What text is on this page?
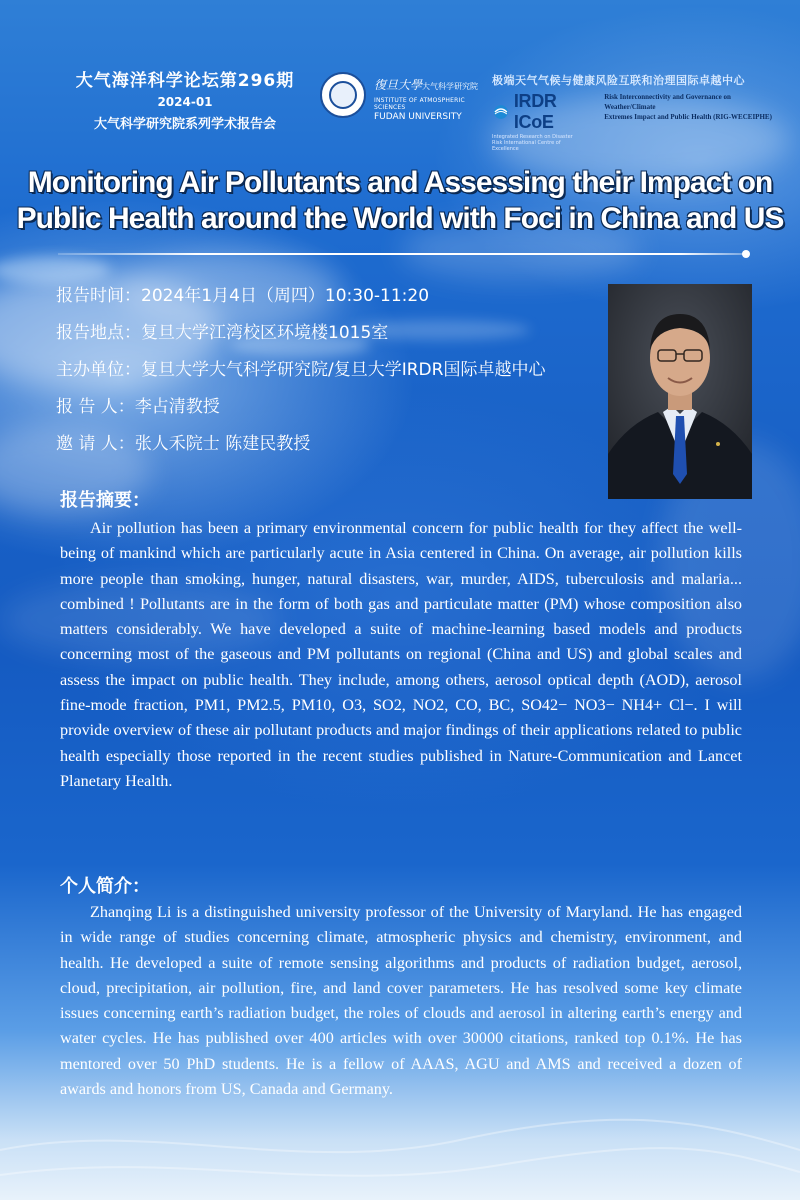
大气海洋科学论坛第296期
2024-01
大气科学研究院系列学术报告会
復旦大學大气科学研究院
INSTITUTE OF ATMOSPHERIC SCIENCES
FUDAN UNIVERSITY
极端天气气候与健康风险互联和治理国际卓越中心
IRDR ICoE
Integrated Research on Disaster Risk International Centre of Excellence
Risk Interconnectivity and Governance on Weather/Climate
Extremes Impact and Public Health (RIG-WECEIPHE)
Monitoring Air Pollutants and Assessing their Impact on
Public Health around the World with Foci in China and US
报告时间：2024年1月4日（周四）10:30-11:20
报告地点：复旦大学江湾校区环境楼1015室
主办单位：复旦大学大气科学研究院/复旦大学IRDR国际卓越中心
报 告 人：李占清教授
邀 请 人：张人禾院士 陈建民教授
报告摘要：
Air pollution has been a primary environmental concern for public health for they affect the well-being of mankind which are particularly acute in Asia centered in China. On average, air pollution kills more people than smoking, hunger, natural disasters, war, murder, AIDS, tuberculosis and malaria... combined ! Pollutants are in the form of both gas and particulate matter (PM) whose composition also matters considerably. We have developed a suite of machine-learning based models and products concerning most of the gaseous and PM pollutants on regional (China and US) and global scales and assess the impact on public health. They include, among others, aerosol optical depth (AOD), aerosol fine-mode fraction, PM1, PM2.5, PM10, O3, SO2, NO2, CO, BC, SO42− NO3− NH4+ Cl−. I will provide overview of these air pollutant products and major findings of their applications related to public health especially those reported in the recent studies published in Nature-Communication and Lancet Planetary Health.
个人简介：
Zhanqing Li is a distinguished university professor of the University of Maryland. He has engaged in wide range of studies concerning climate, atmospheric physics and chemistry, environment, and health. He developed a suite of remote sensing algorithms and products of radiation budget, aerosol, cloud, precipitation, air pollution, fire, and land cover parameters. He has resolved some key climate issues concerning earth’s radiation budget, the roles of clouds and aerosol in altering earth’s energy and water cycles. He has published over 400 articles with over 30000 citations, ranked top 0.1%. He has mentored over 50 PhD students. He is a fellow of AAAS, AGU and AMS and received a dozen of awards and honors from US, Canada and Germany.
